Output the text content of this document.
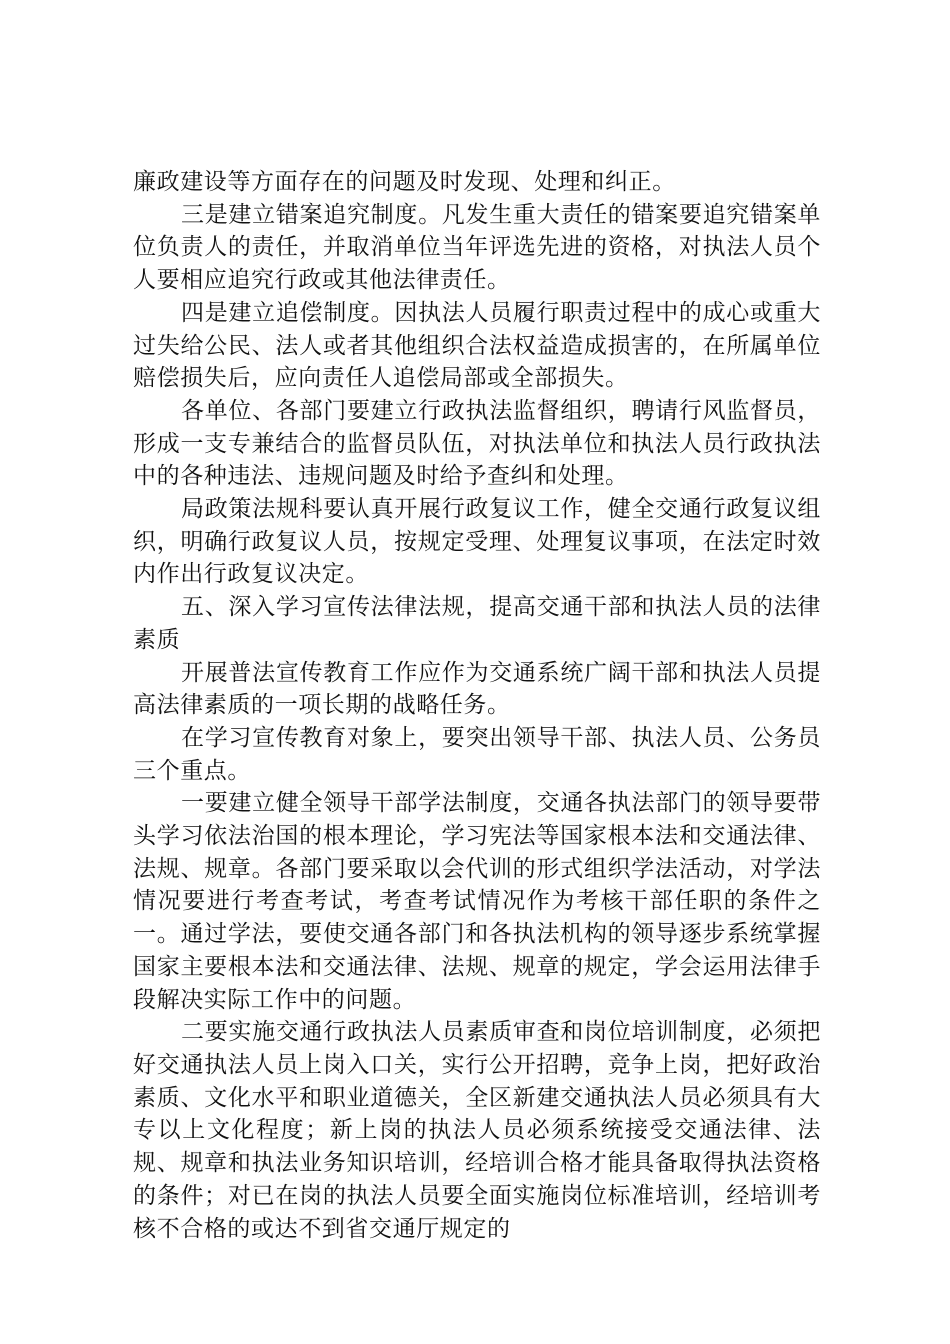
廉政建设等方面存在的问题及时发现、处理和纠正。

三是建立错案追究制度。凡发生重大责任的错案要追究错案单位负责人的责任，并取消单位当年评选先进的资格，对执法人员个人要相应追究行政或其他法律责任。

四是建立追偿制度。因执法人员履行职责过程中的成心或重大过失给公民、法人或者其他组织合法权益造成损害的，在所属单位赔偿损失后，应向责任人追偿局部或全部损失。

各单位、各部门要建立行政执法监督组织，聘请行风监督员，形成一支专兼结合的监督员队伍，对执法单位和执法人员行政执法中的各种违法、违规问题及时给予查纠和处理。

局政策法规科要认真开展行政复议工作，健全交通行政复议组织，明确行政复议人员，按规定受理、处理复议事项，在法定时效内作出行政复议决定。

五、深入学习宣传法律法规，提高交通干部和执法人员的法律素质

开展普法宣传教育工作应作为交通系统广阔干部和执法人员提高法律素质的一项长期的战略任务。

在学习宣传教育对象上，要突出领导干部、执法人员、公务员三个重点。

一要建立健全领导干部学法制度，交通各执法部门的领导要带头学习依法治国的根本理论，学习宪法等国家根本法和交通法律、法规、规章。各部门要采取以会代训的形式组织学法活动，对学法情况要进行考查考试，考查考试情况作为考核干部任职的条件之一。通过学法，要使交通各部门和各执法机构的领导逐步系统掌握国家主要根本法和交通法律、法规、规章的规定，学会运用法律手段解决实际工作中的问题。

二要实施交通行政执法人员素质审查和岗位培训制度，必须把好交通执法人员上岗入口关，实行公开招聘，竞争上岗，把好政治素质、文化水平和职业道德关，全区新建交通执法人员必须具有大专以上文化程度；新上岗的执法人员必须系统接受交通法律、法规、规章和执法业务知识培训，经培训合格才能具备取得执法资格的条件；对已在岗的执法人员要全面实施岗位标准培训，经培训考核不合格的或达不到省交通厅规定的
